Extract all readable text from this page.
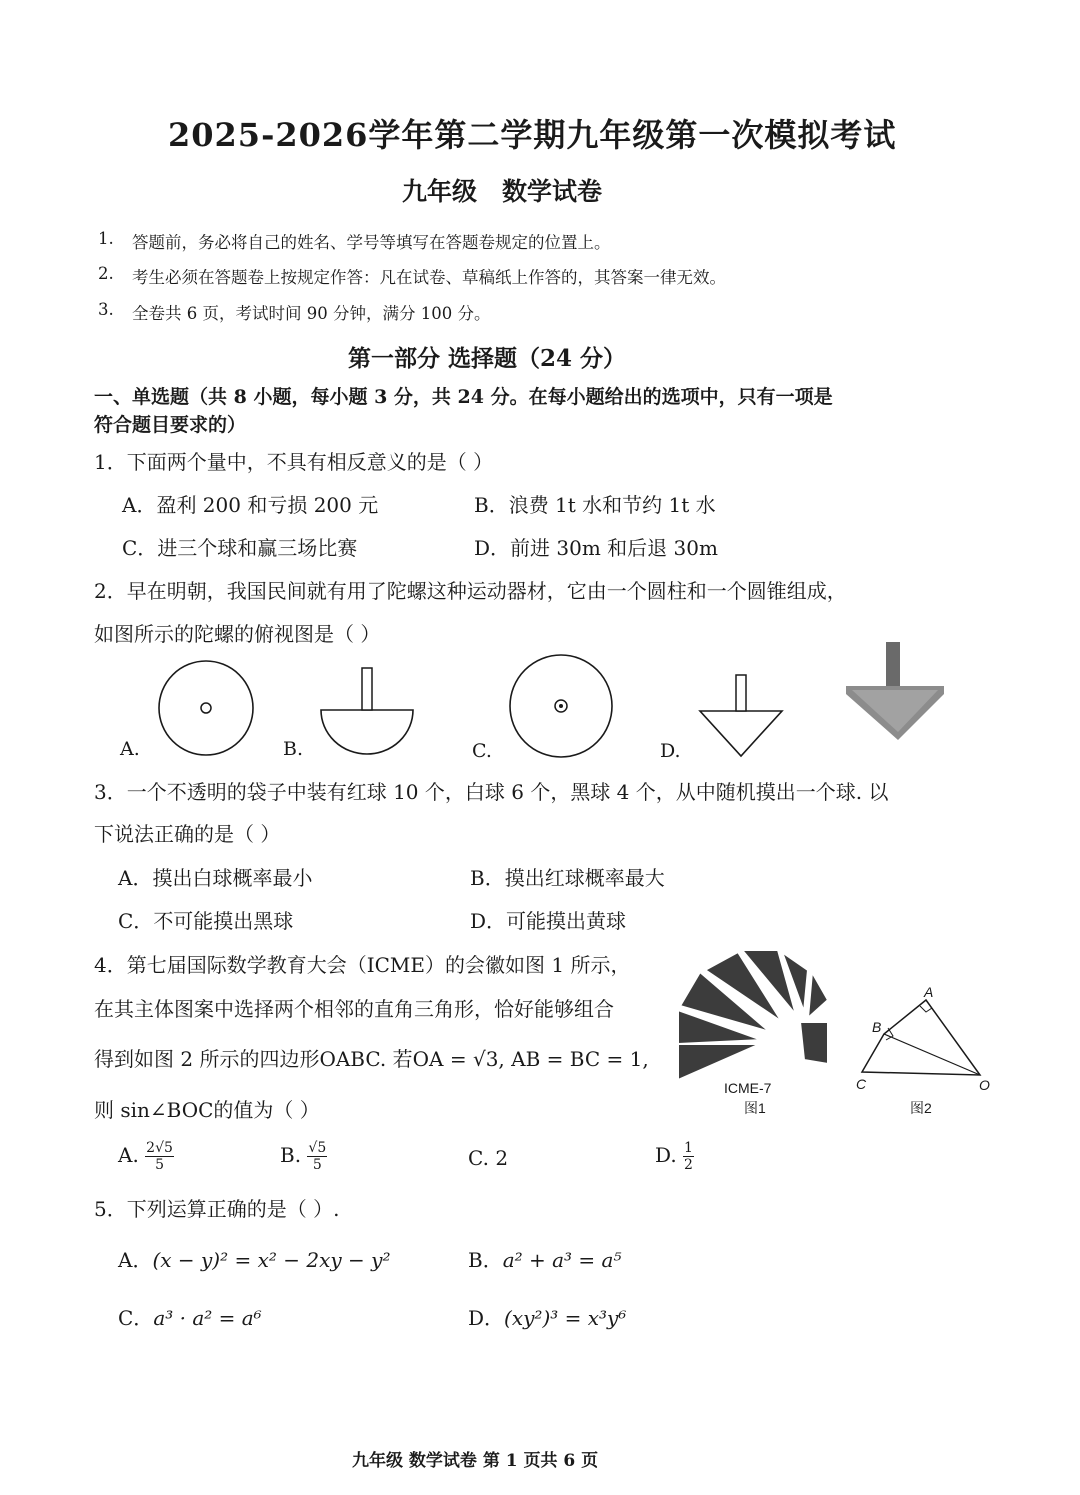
2025-2026学年第二学期九年级第一次模拟考试
九年级　数学试卷
1. 答题前，务必将自己的姓名、学号等填写在答题卷规定的位置上。
2. 考生必须在答题卷上按规定作答：凡在试卷、草稿纸上作答的，其答案一律无效。
3. 全卷共 6 页，考试时间 90 分钟，满分 100 分。
第一部分 选择题（24 分）
一、单选题（共 8 小题，每小题 3 分，共 24 分。在每小题给出的选项中，只有一项是
符合题目要求的）
1．下面两个量中，不具有相反意义的是（ ）
A．盈利 200 和亏损 200 元	B．浪费 1t 水和节约 1t 水
C．进三个球和赢三场比赛	D．前进 30m 和后退 30m
2．早在明朝，我国民间就有用了陀螺这种运动器材，它由一个圆柱和一个圆锥组成，
如图所示的陀螺的俯视图是（ ）
A.	B.	C.	D.
3．一个不透明的袋子中装有红球 10 个，白球 6 个，黑球 4 个，从中随机摸出一个球. 以
下说法正确的是（ ）
A．摸出白球概率最小	B．摸出红球概率最大
C．不可能摸出黑球	D．可能摸出黄球
4．第七届国际数学教育大会（ICME）的会徽如图 1 所示，
在其主体图案中选择两个相邻的直角三角形，恰好能够组合
得到如图 2 所示的四边形OABC. 若OA = √3, AB = BC = 1,
则 sin∠BOC的值为（ ）
ICME-7
图1
A
B
C	O
图2
A. $\frac{2√5}{5}$	B. $\frac{√5}{5}$	C. 2	D. $\frac{1}{2}$
5．下列运算正确的是（ ）.
A．(x − y)² = x² − 2xy − y²	B．a² + a³ = a⁵
C．a³ · a² = a⁶	D．(xy²)³ = x³y⁶
九年级 数学试卷 第 1 页共 6 页
